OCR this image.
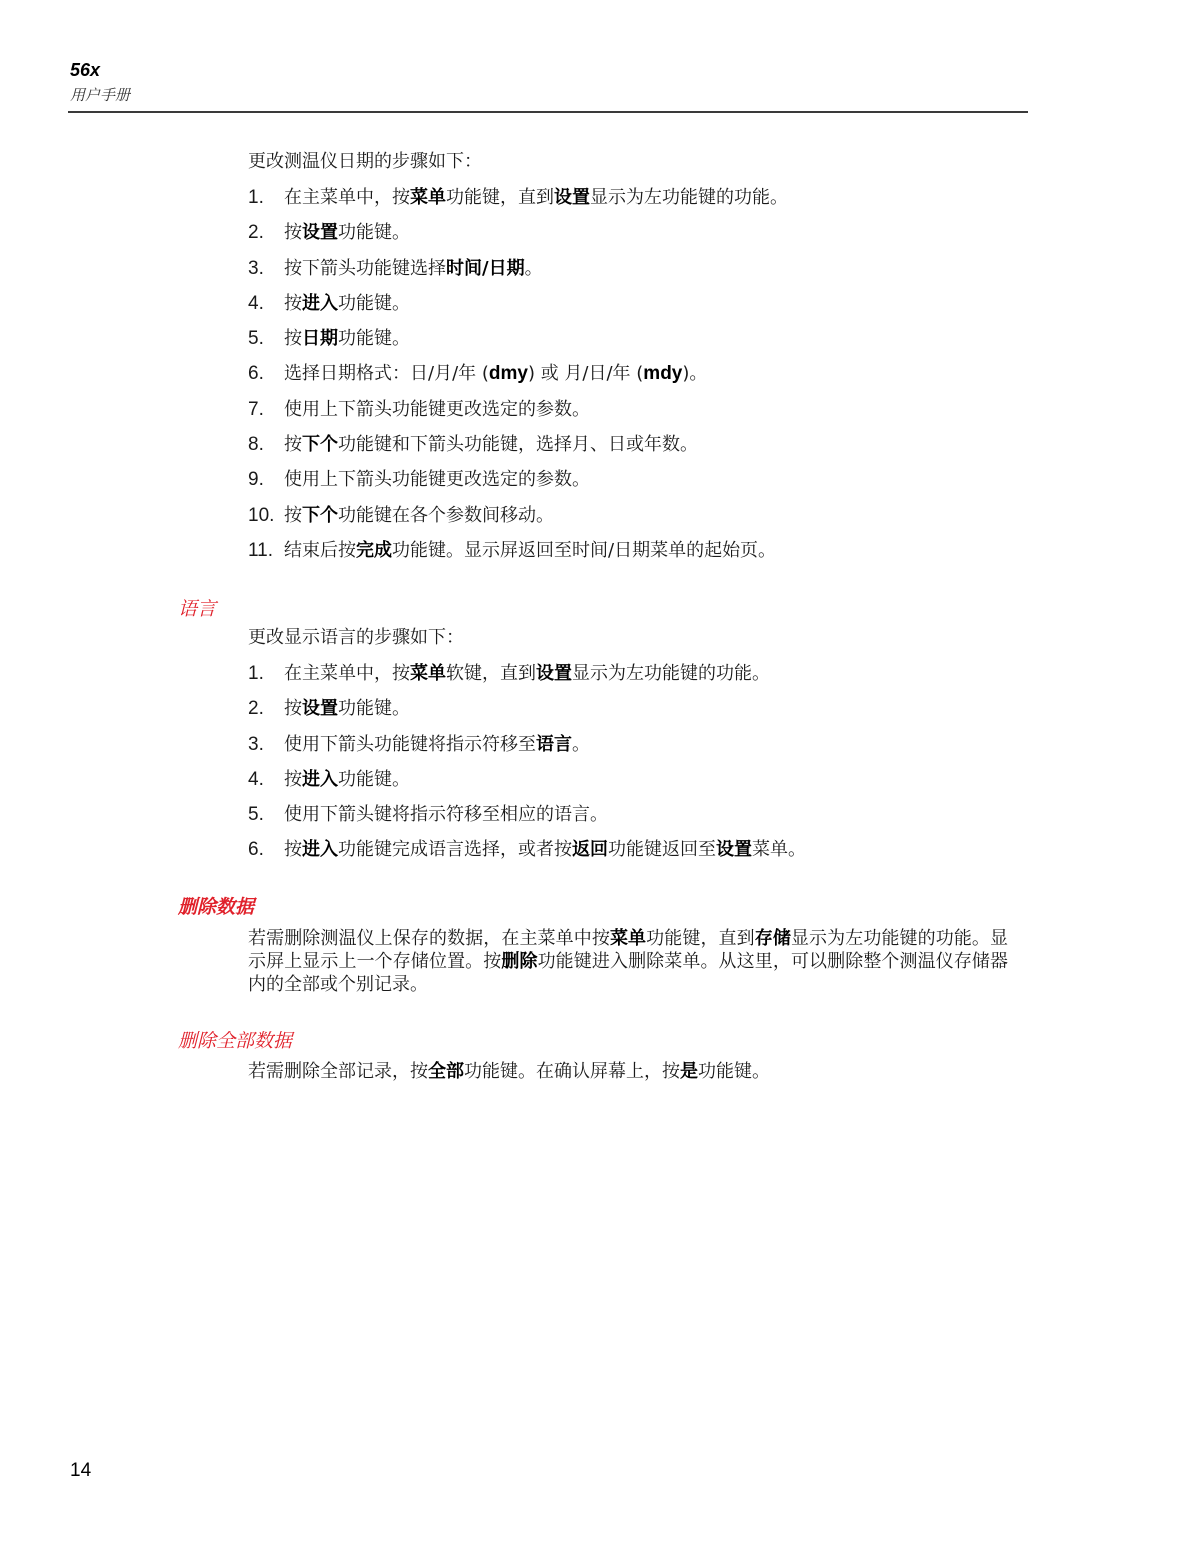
56x

用户手册

更改测温仪日期的步骤如下：

1.	在主菜单中，按菜单功能键，直到设置显示为左功能键的功能。
2.	按设置功能键。
3.	按下箭头功能键选择时间/日期。
4.	按进入功能键。
5.	按日期功能键。
6.	选择日期格式：日/月/年 (dmy) 或 月/日/年 (mdy)。
7.	使用上下箭头功能键更改选定的参数。
8.	按下个功能键和下箭头功能键，选择月、日或年数。
9.	使用上下箭头功能键更改选定的参数。
10. 按下个功能键在各个参数间移动。
11. 结束后按完成功能键。显示屏返回至时间/日期菜单的起始页。
语言

更改显示语言的步骤如下：

1.	在主菜单中，按菜单软键，直到设置显示为左功能键的功能。
2.	按设置功能键。
3.	使用下箭头功能键将指示符移至语言。
4.	按进入功能键。
5.	使用下箭头键将指示符移至相应的语言。
6.	按进入功能键完成语言选择，或者按返回功能键返回至设置菜单。
删除数据

若需删除测温仪上保存的数据，在主菜单中按菜单功能键，直到存储显示为左功能键的功能。显示屏上显示上一个存储位置。按删除功能键进入删除菜单。从这里，可以删除整个测温仪存储器内的全部或个别记录。

删除全部数据

若需删除全部记录，按全部功能键。在确认屏幕上，按是功能键。

14
